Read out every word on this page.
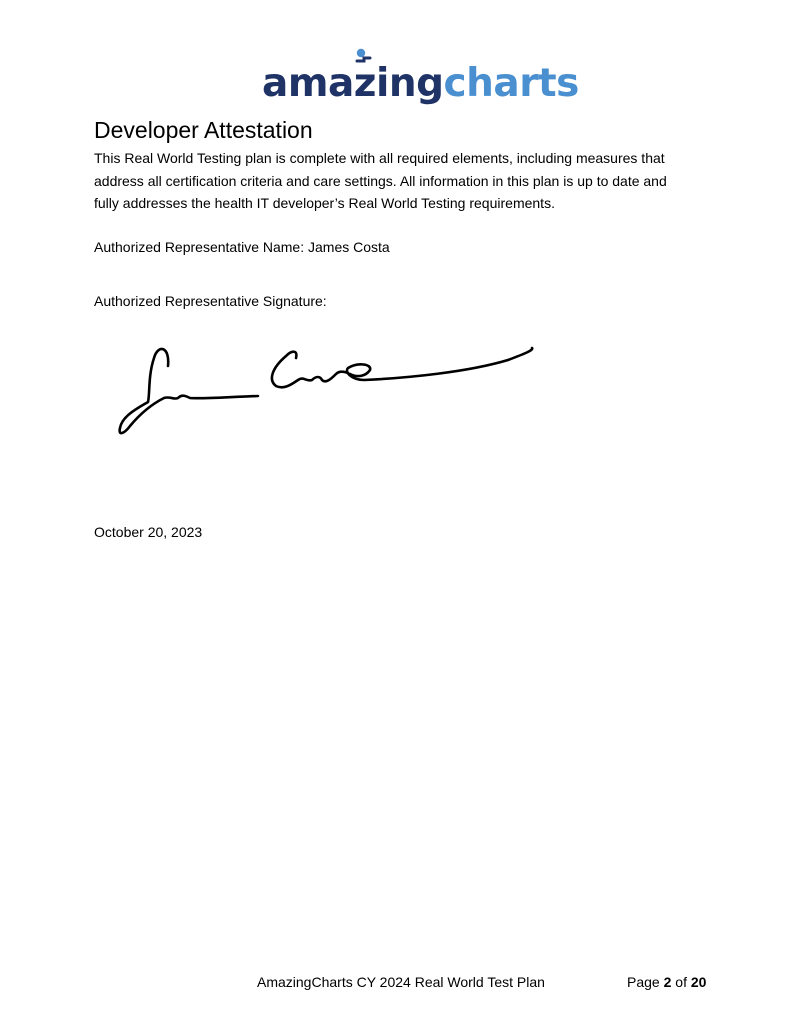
amazingcharts
Developer Attestation

This Real World Testing plan is complete with all required elements, including measures that
address all certification criteria and care settings. All information in this plan is up to date and
fully addresses the health IT developer’s Real World Testing requirements.

Authorized Representative Name: James Costa

Authorized Representative Signature:

October 20, 2023

AmazingCharts CY 2024 Real World Test Plan	Page 2 of 20
